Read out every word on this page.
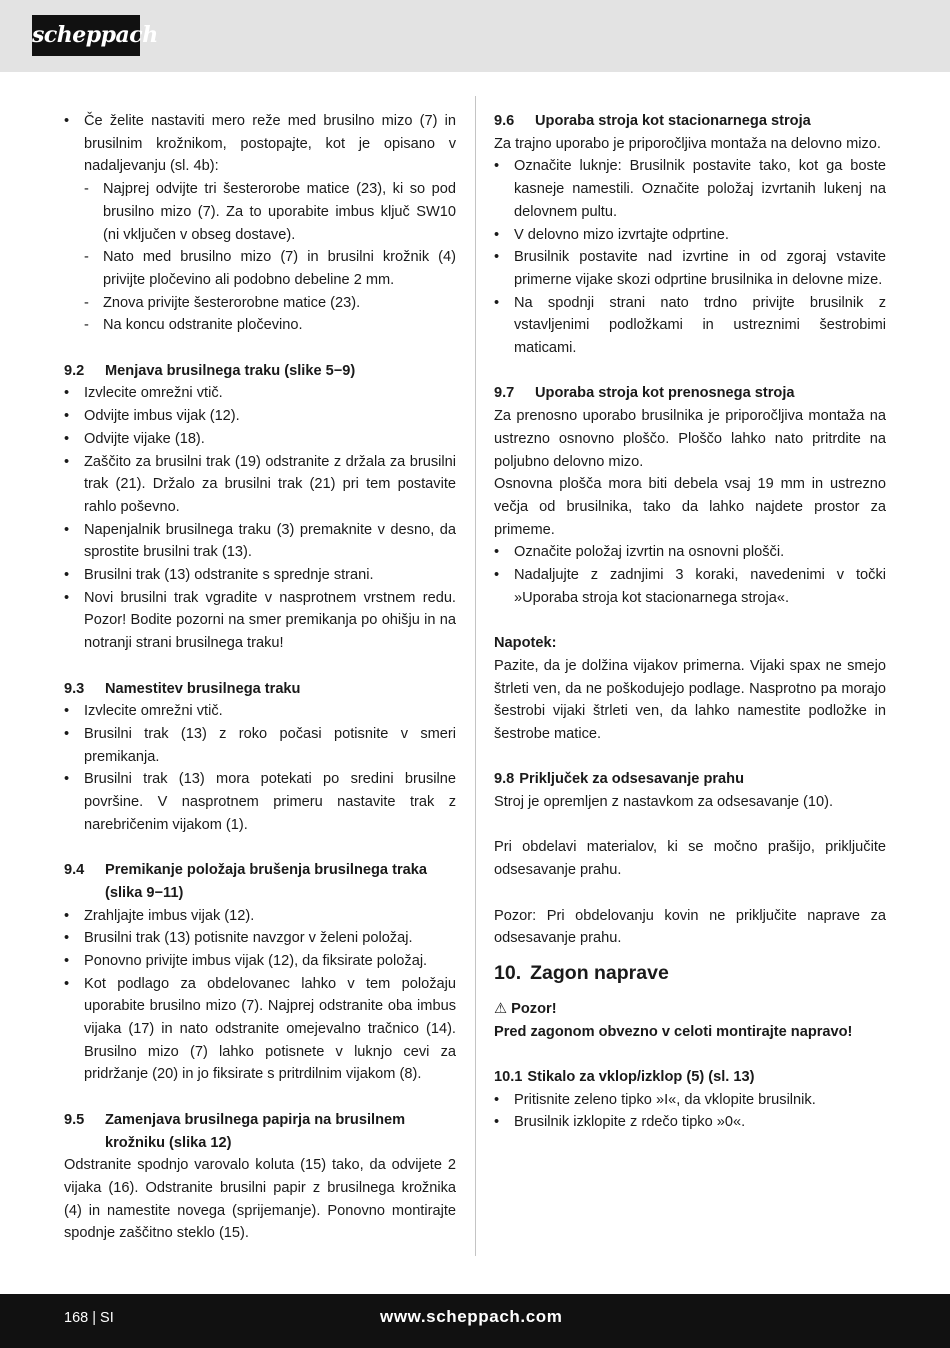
scheppach
• Če želite nastaviti mero reže med brusilno mizo (7) in brusilnim krožnikom, postopajte, kot je opisano v nadaljevanju (sl. 4b):
- Najprej odvijte tri šesterorobe matice (23), ki so pod brusilno mizo (7). Za to uporabite imbus ključ SW10 (ni vključen v obseg dostave).
- Nato med brusilno mizo (7) in brusilni krožnik (4) privijte pločevino ali podobno debeline 2 mm.
- Znova privijte šesterorobne matice (23).
- Na koncu odstranite pločevino.
9.2	Menjava brusilnega traku (slike 5−9)
• Izvlecite omrežni vtič.
• Odvijte imbus vijak (12).
• Odvijte vijake (18).
• Zaščito za brusilni trak (19) odstranite z držala za brusilni trak (21). Držalo za brusilni trak (21) pri tem postavite rahlo poševno.
• Napenjalnik brusilnega traku (3) premaknite v desno, da sprostite brusilni trak (13).
• Brusilni trak (13) odstranite s sprednje strani.
• Novi brusilni trak vgradite v nasprotnem vrstnem redu. Pozor! Bodite pozorni na smer premikanja po ohišju in na notranji strani brusilnega traku!
9.3	Namestitev brusilnega traku
• Izvlecite omrežni vtič.
• Brusilni trak (13) z roko počasi potisnite v smeri premikanja.
• Brusilni trak (13) mora potekati po sredini brusilne površine. V nasprotnem primeru nastavite trak z narebričenim vijakom (1).
9.4	Premikanje položaja brušenja brusilnega traka (slika 9−11)
• Zrahljajte imbus vijak (12).
• Brusilni trak (13) potisnite navzgor v želeni položaj.
• Ponovno privijte imbus vijak (12), da fiksirate položaj.
• Kot podlago za obdelovanec lahko v tem položaju uporabite brusilno mizo (7). Najprej odstranite oba imbus vijaka (17) in nato odstranite omejevalno tračnico (14). Brusilno mizo (7) lahko potisnete v luknjo cevi za pridržanje (20) in jo fiksirate s pritrdilnim vijakom (8).
9.5	Zamenjava brusilnega papirja na brusilnem krožniku (slika 12)

Odstranite spodnjo varovalo koluta (15) tako, da odvijete 2 vijaka (16). Odstranite brusilni papir z brusilnega krožnika (4) in namestite novega (sprijemanje). Ponovno montirajte spodnje zaščitno steklo (15).

9.6	Uporaba stroja kot stacionarnega stroja

Za trajno uporabo je priporočljiva montaža na delovno mizo.

• Označite luknje: Brusilnik postavite tako, kot ga boste kasneje namestili. Označite položaj izvrtanih lukenj na delovnem pultu.
• V delovno mizo izvrtajte odprtine.
• Brusilnik postavite nad izvrtine in od zgoraj vstavite primerne vijake skozi odprtine brusilnika in delovne mize.
• Na spodnji strani nato trdno privijte brusilnik z vstavljenimi podložkami in ustreznimi šestrobimi maticami.
9.7	Uporaba stroja kot prenosnega stroja

Za prenosno uporabo brusilnika je priporočljiva montaža na ustrezno osnovno ploščo. Ploščo lahko nato pritrdite na poljubno delovno mizo.

Osnovna plošča mora biti debela vsaj 19 mm in ustrezno večja od brusilnika, tako da lahko najdete prostor za primeme.

• Označite položaj izvrtin na osnovni plošči.
• Nadaljujte z zadnjimi 3 koraki, navedenimi v točki »Uporaba stroja kot stacionarnega stroja«.

Napotek:

Pazite, da je dolžina vijakov primerna. Vijaki spax ne smejo štrleti ven, da ne poškodujejo podlage. Nasprotno pa morajo šestrobi vijaki štrleti ven, da lahko namestite podložke in šestrobe matice.

9.8 Priključek za odsesavanje prahu

Stroj je opremljen z nastavkom za odsesavanje (10).

Pri obdelavi materialov, ki se močno prašijo, priključite odsesavanje prahu.

Pozor: Pri obdelovanju kovin ne priključite naprave za odsesavanje prahu.

10. Zagon naprave

⚠ Pozor!

Pred zagonom obvezno v celoti montirajte napravo!

10.1 Stikalo za vklop/izklop (5) (sl. 13)
• Pritisnite zeleno tipko »I«, da vklopite brusilnik.
• Brusilnik izklopite z rdečo tipko »0«.
168 | SI	www.scheppach.com
